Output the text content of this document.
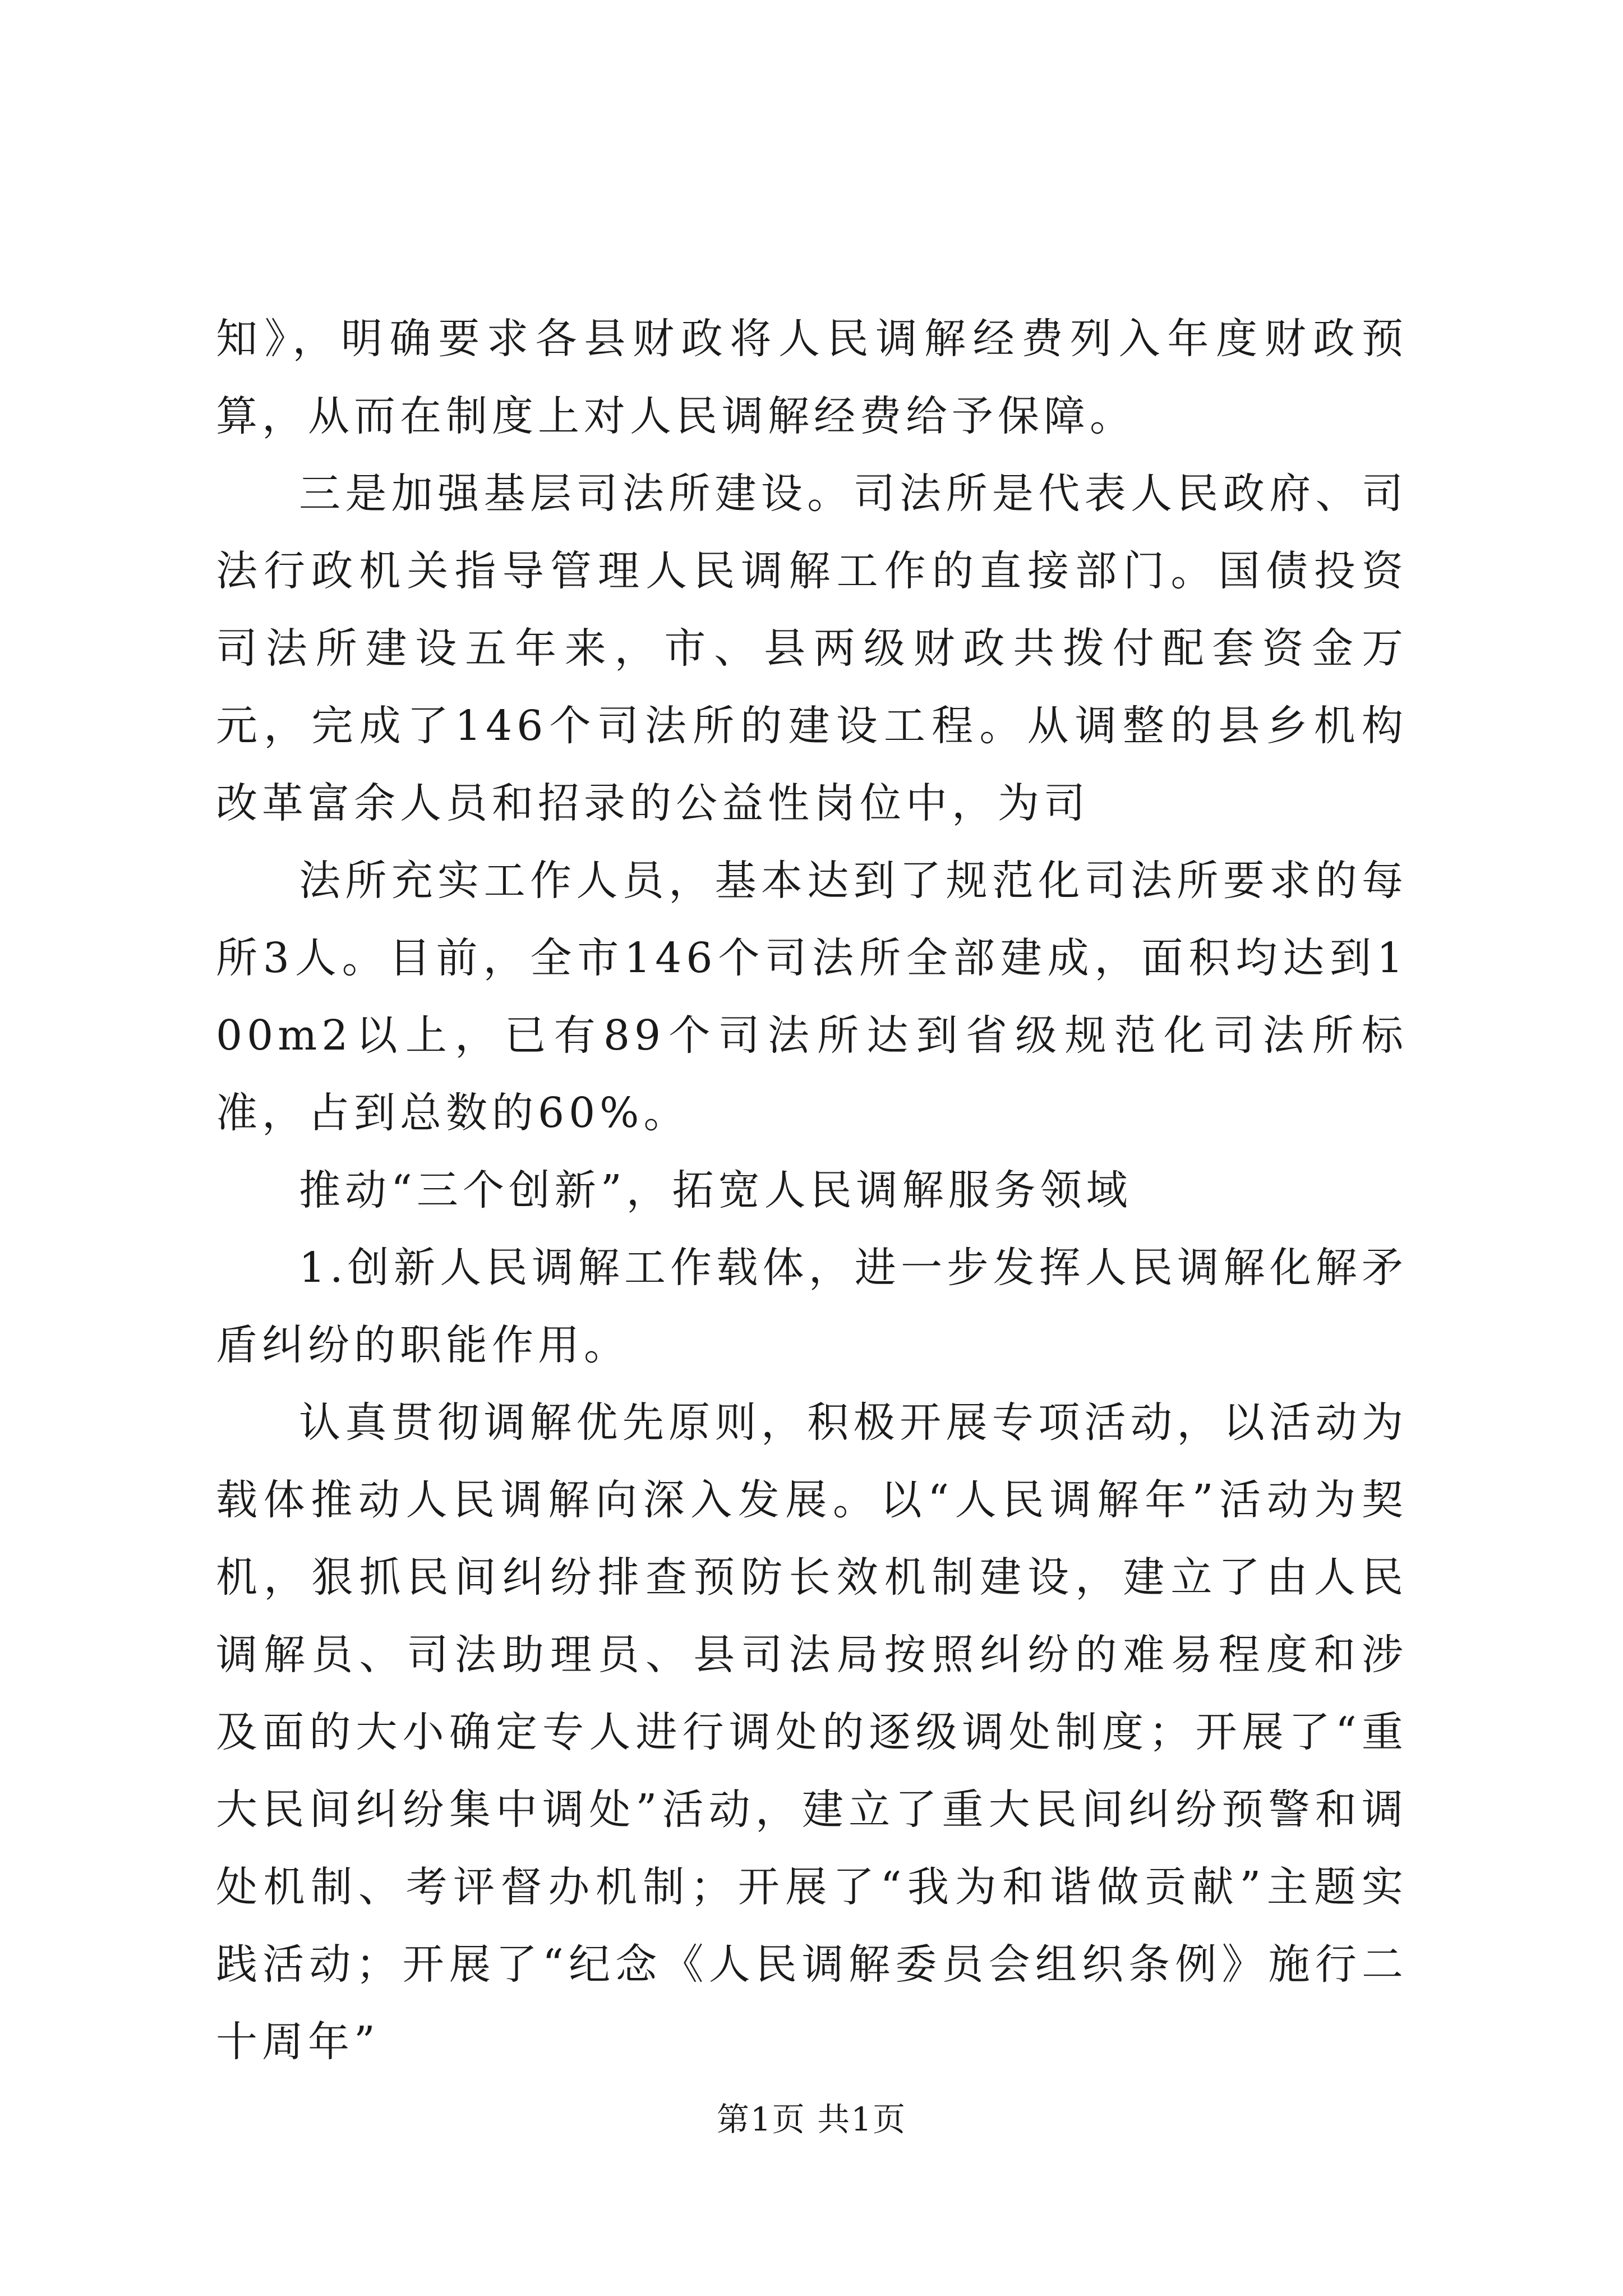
知》，明确要求各县财政将人民调解经费列入年度财政预算，从而在制度上对人民调解经费给予保障。

三是加强基层司法所建设。司法所是代表人民政府、司法行政机关指导管理人民调解工作的直接部门。国债投资司法所建设五年来，市、县两级财政共拨付配套资金万元，完成了146个司法所的建设工程。从调整的县乡机构改革富余人员和招录的公益性岗位中，为司

法所充实工作人员，基本达到了规范化司法所要求的每所3人。目前，全市146个司法所全部建成，面积均达到100m2以上，已有89个司法所达到省级规范化司法所标准，占到总数的60%。

推动“三个创新”，拓宽人民调解服务领域

1.创新人民调解工作载体，进一步发挥人民调解化解矛盾纠纷的职能作用。

认真贯彻调解优先原则，积极开展专项活动，以活动为载体推动人民调解向深入发展。以“人民调解年”活动为契机，狠抓民间纠纷排查预防长效机制建设，建立了由人民调解员、司法助理员、县司法局按照纠纷的难易程度和涉及面的大小确定专人进行调处的逐级调处制度；开展了“重大民间纠纷集中调处”活动，建立了重大民间纠纷预警和调处机制、考评督办机制；开展了“我为和谐做贡献”主题实践活动；开展了“纪念《人民调解委员会组织条例》施行二十周年”

第1页 共1页
